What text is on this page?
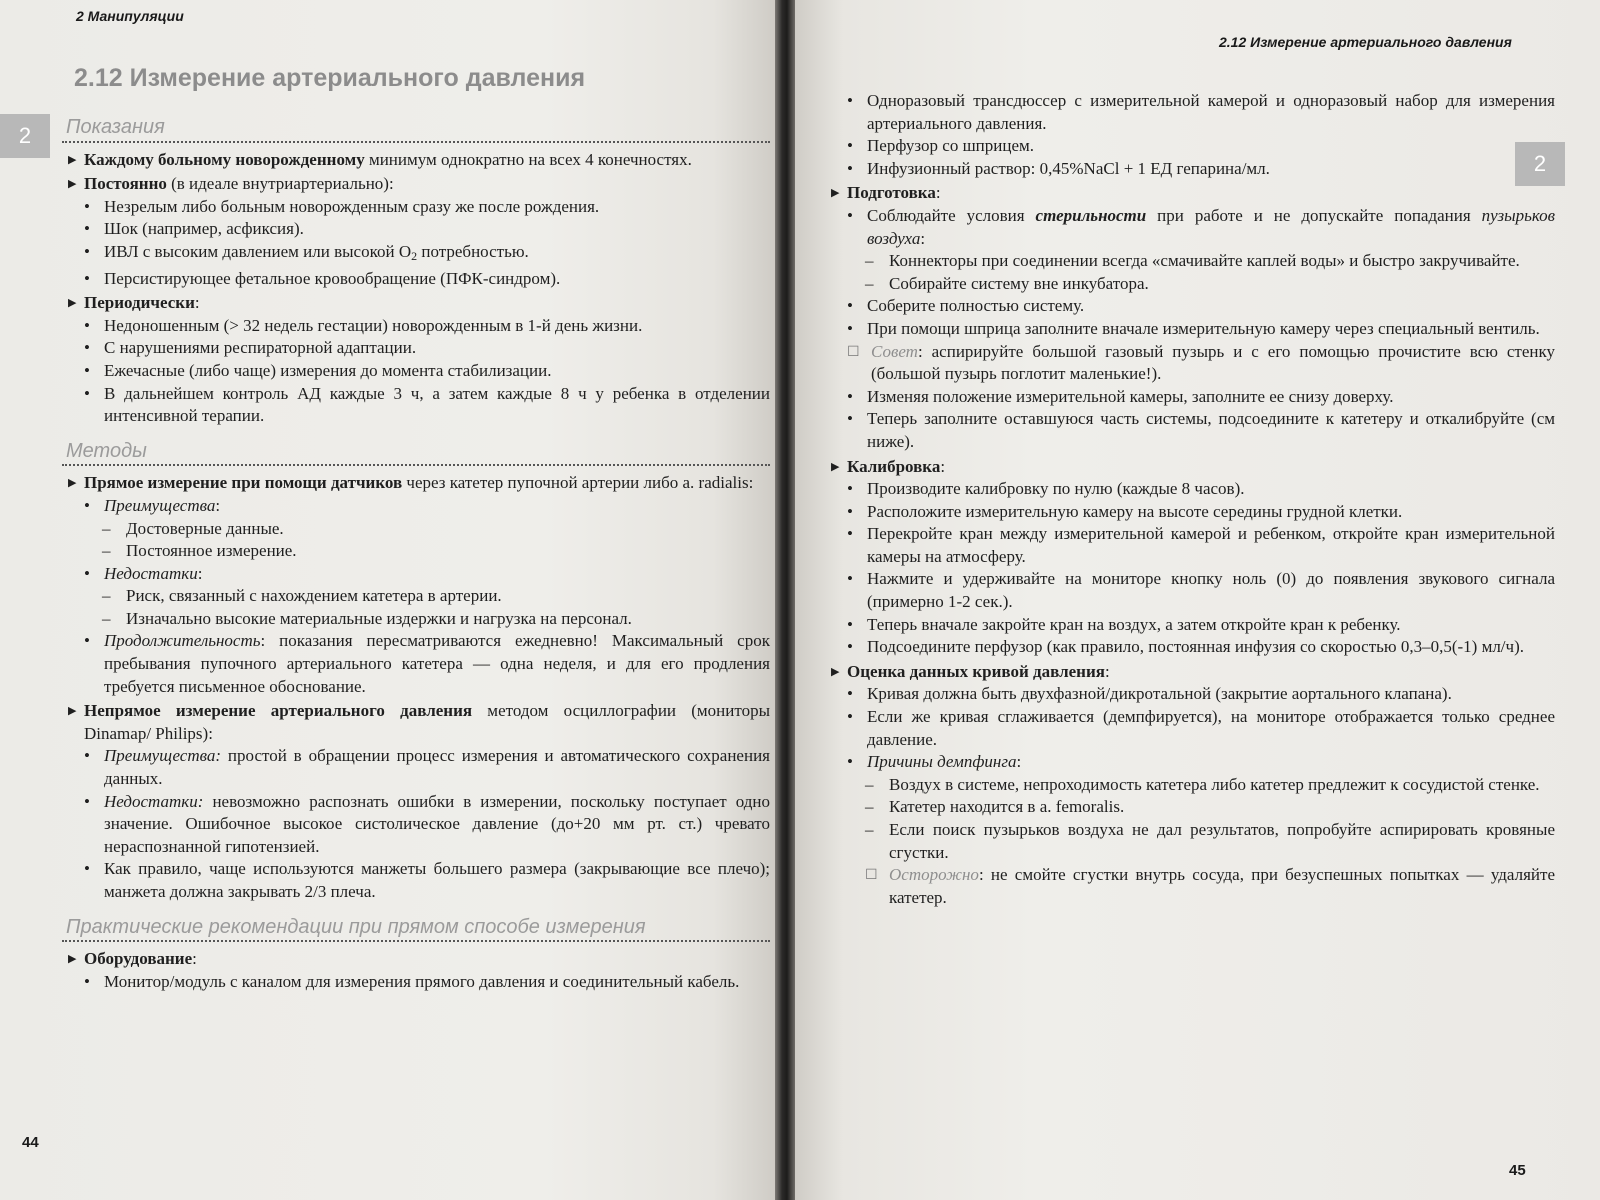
2 Манипуляции
2
2.12 Измерение артериального давления
Показания
▶ Каждому больному новорожденному минимум однократно на всех 4 конечностях.
▶ Постоянно (в идеале внутриартериально):
• Незрелым либо больным новорожденным сразу же после рождения.
• Шок (например, асфиксия).
• ИВЛ с высоким давлением или высокой O2 потребностью.
• Персистирующее фетальное кровообращение (ПФК-синдром).
▶ Периодически:
• Недоношенным (> 32 недель гестации) новорожденным в 1-й день жизни.
• С нарушениями респираторной адаптации.
• Ежечасные (либо чаще) измерения до момента стабилизации.
• В дальнейшем контроль АД каждые 3 ч, а затем каждые 8 ч у ребенка в отделении интенсивной терапии.
Методы
▶ Прямое измерение при помощи датчиков через катетер пупочной артерии либо a. radialis:
• Преимущества:
– Достоверные данные.
– Постоянное измерение.
• Недостатки:
– Риск, связанный с нахождением катетера в артерии.
– Изначально высокие материальные издержки и нагрузка на персонал.
• Продолжительность: показания пересматриваются ежедневно! Максимальный срок пребывания пупочного артериального катетера — одна неделя, и для его продления требуется письменное обоснование.
▶ Непрямое измерение артериального давления методом осциллографии (мониторы Dinamap/ Philips):
• Преимущества: простой в обращении процесс измерения и автоматического сохранения данных.
• Недостатки: невозможно распознать ошибки в измерении, поскольку поступает одно значение. Ошибочное высокое систолическое давление (до+20 мм рт. ст.) чревато нераспознанной гипотензией.
• Как правило, чаще используются манжеты большего размера (закрывающие все плечо); манжета должна закрывать 2/3 плеча.
Практические рекомендации при прямом способе измерения
▶ Оборудование:
• Монитор/модуль с каналом для измерения прямого давления и соединительный кабель.
44
2.12 Измерение артериального давления
2
• Одноразовый трансдюссер с измерительной камерой и одноразовый набор для измерения артериального давления.
• Перфузор со шприцем.
• Инфузионный раствор: 0,45%NaCl + 1 ЕД гепарина/мл.
▶ Подготовка:
• Соблюдайте условия стерильности при работе и не допускайте попадания пузырьков воздуха:
– Коннекторы при соединении всегда «смачивайте каплей воды» и быстро закручивайте.
– Собирайте систему вне инкубатора.
• Соберите полностью систему.
• При помощи шприца заполните вначале измерительную камеру через специальный вентиль.
☐ Совет: аспирируйте большой газовый пузырь и с его помощью прочистите всю стенку (большой пузырь поглотит маленькие!).
• Изменяя положение измерительной камеры, заполните ее снизу доверху.
• Теперь заполните оставшуюся часть системы, подсоедините к катетеру и откалибруйте (см ниже).
▶ Калибровка:
• Производите калибровку по нулю (каждые 8 часов).
• Расположите измерительную камеру на высоте середины грудной клетки.
• Перекройте кран между измерительной камерой и ребенком, откройте кран измерительной камеры на атмосферу.
• Нажмите и удерживайте на мониторе кнопку ноль (0) до появления звукового сигнала (примерно 1-2 сек.).
• Теперь вначале закройте кран на воздух, а затем откройте кран к ребенку.
• Подсоедините перфузор (как правило, постоянная инфузия со скоростью 0,3–0,5(-1) мл/ч).
▶ Оценка данных кривой давления:
• Кривая должна быть двухфазной/дикротальной (закрытие аортального клапана).
• Если же кривая сглаживается (демпфируется), на мониторе отображается только среднее давление.
• Причины демпфинга:
– Воздух в системе, непроходимость катетера либо катетер предлежит к сосудистой стенке.
– Катетер находится в a. femoralis.
– Если поиск пузырьков воздуха не дал результатов, попробуйте аспирировать кровяные сгустки.
☐ Осторожно: не смойте сгустки внутрь сосуда, при безуспешных попытках — удаляйте катетер.
45
